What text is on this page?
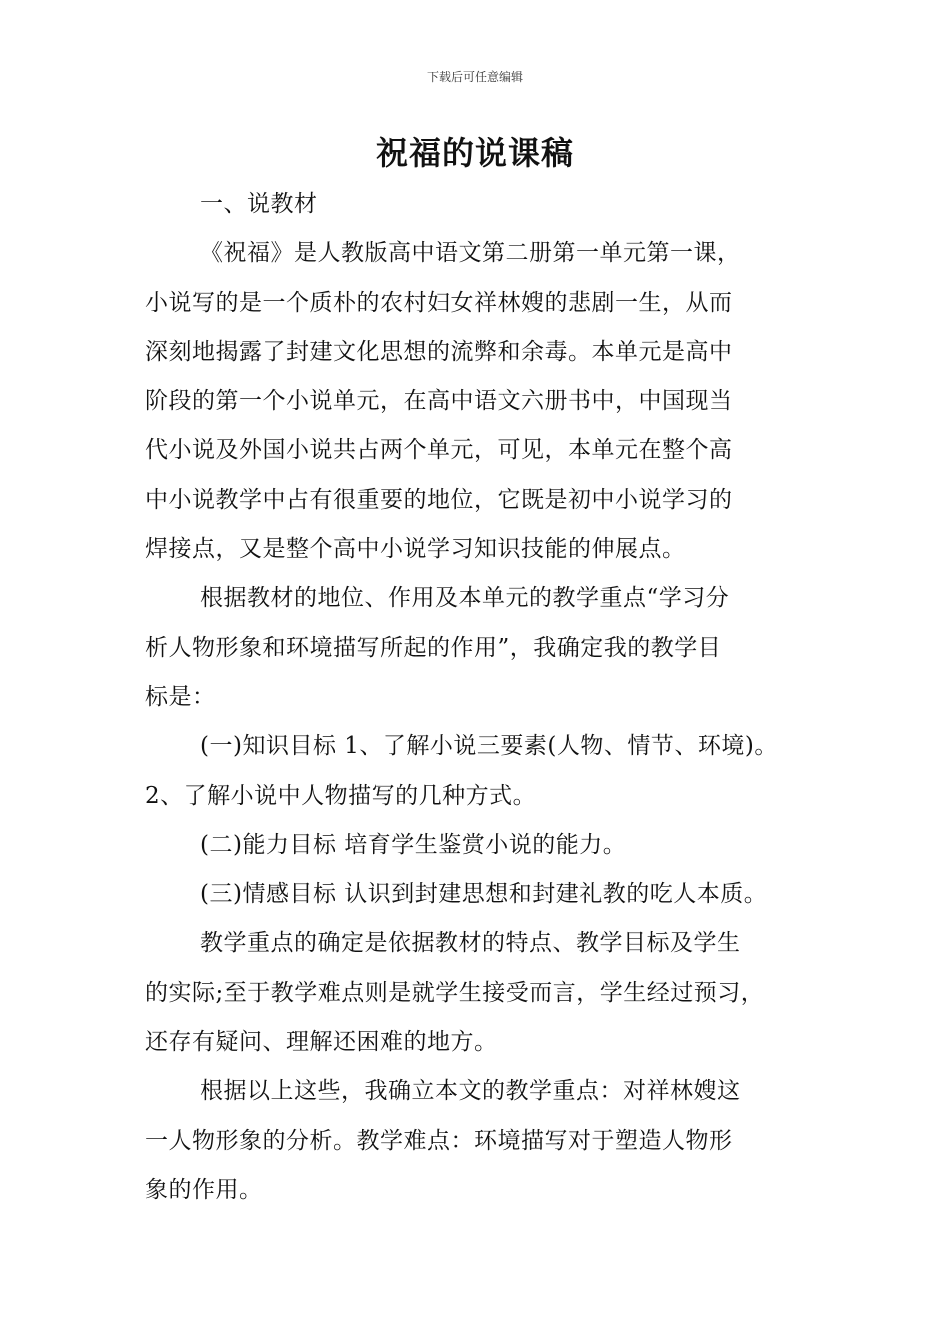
下载后可任意编辑
祝福的说课稿
一、说教材
《祝福》是人教版高中语文第二册第一单元第一课，
小说写的是一个质朴的农村妇女祥林嫂的悲剧一生，从而
深刻地揭露了封建文化思想的流弊和余毒。本单元是高中
阶段的第一个小说单元，在高中语文六册书中，中国现当
代小说及外国小说共占两个单元，可见，本单元在整个高
中小说教学中占有很重要的地位，它既是初中小说学习的
焊接点，又是整个高中小说学习知识技能的伸展点。
根据教材的地位、作用及本单元的教学重点“学习分
析人物形象和环境描写所起的作用”，我确定我的教学目
标是：
(一)知识目标 1、了解小说三要素(人物、情节、环境)。
2、了解小说中人物描写的几种方式。
(二)能力目标 培育学生鉴赏小说的能力。
(三)情感目标 认识到封建思想和封建礼教的吃人本质。
教学重点的确定是依据教材的特点、教学目标及学生
的实际;至于教学难点则是就学生接受而言，学生经过预习，
还存有疑问、理解还困难的地方。
根据以上这些，我确立本文的教学重点：对祥林嫂这
一人物形象的分析。教学难点：环境描写对于塑造人物形
象的作用。
